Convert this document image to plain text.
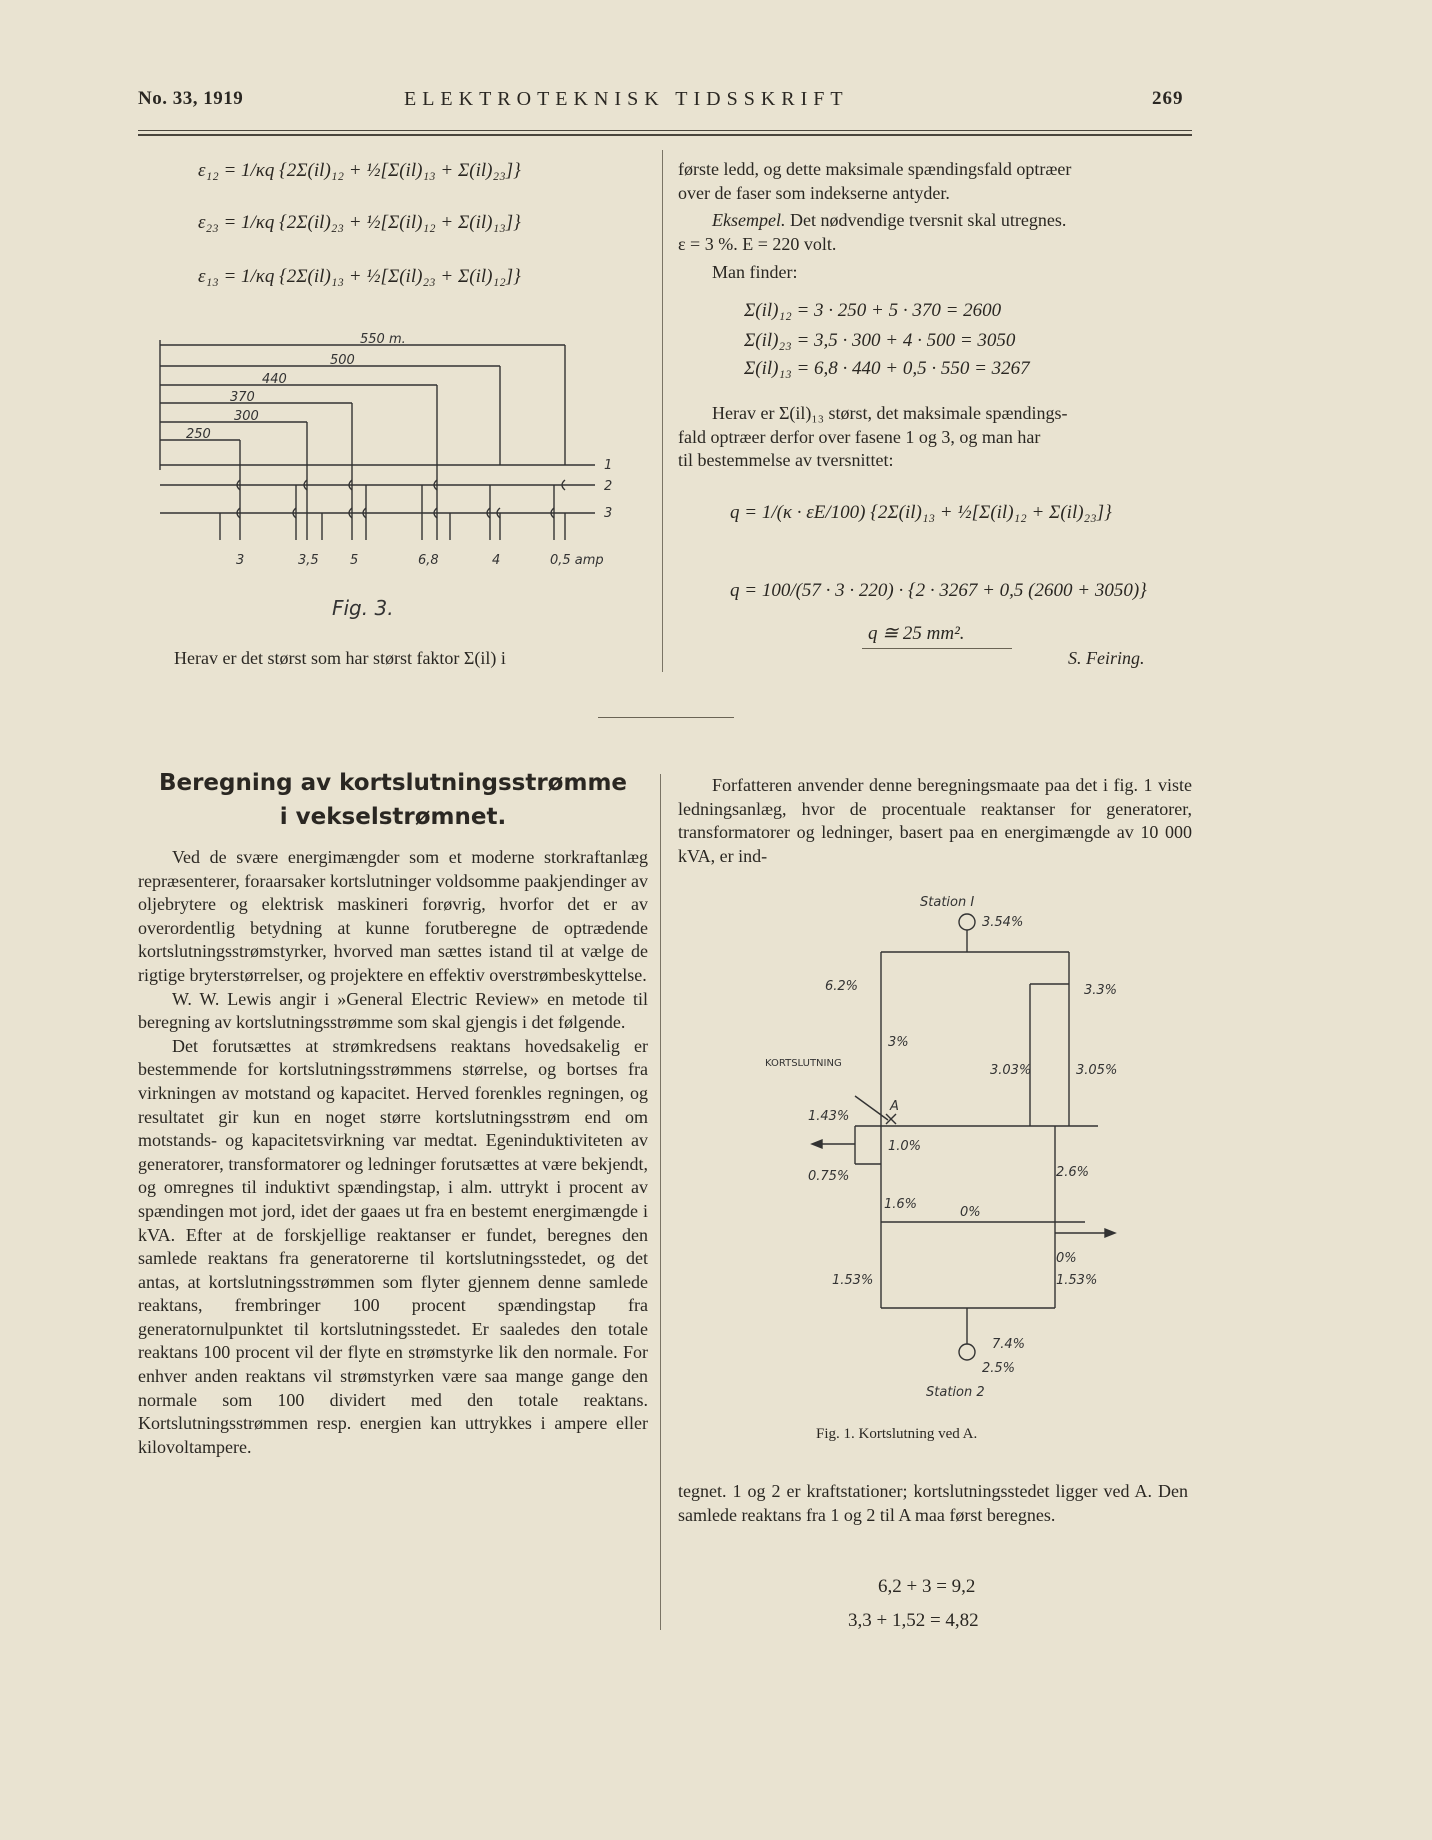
No. 33, 1919	ELEKTROTEKNISK TIDSSKRIFT	269
ε₁₂ = 1/κq {2Σ(il)₁₂ + ½[Σ(il)₁₃ + Σ(il)₂₃]}
ε₂₃ = 1/κq {2Σ(il)₂₃ + ½[Σ(il)₁₂ + Σ(il)₁₃]}
ε₁₃ = 1/κq {2Σ(il)₁₃ + ½[Σ(il)₂₃ + Σ(il)₁₂]}
550 m.
500
440
370
300
250
1
2
3
3	3,5 5	6,8	4	0,5 amp
Fig. 3.
Herav er det størst som har størst faktor Σ(il) i

første ledd, og dette maksimale spændingsfald optræer

over de faser som indekserne antyder.

Eksempel. Det nødvendige tversnit skal utregnes.
ε = 3 %. E = 220 volt.
Man finder:
Σ(il)₁₂ = 3 · 250 + 5 · 370 = 2600
Σ(il)₂₃ = 3,5 · 300 + 4 · 500 = 3050
Σ(il)₁₃ = 6,8 · 440 + 0,5 · 550 = 3267

Herav er Σ(il)₁₃ størst, det maksimale spændings-

fald optræer derfor over fasene 1 og 3, og man har

til bestemmelse av tversnittet:

q = 1/(κ · εE/100) {2Σ(il)₁₃ + ½[Σ(il)₁₂ + Σ(il)₂₃]}
q = 100/(57 · 3 · 220) · {2 · 3267 + 0,5 (2600 + 3050)}
q ≅ 25 mm².
S. Feiring.
Beregning av kortslutningsstrømme
i vekselstrømnet.

Ved de svære energimængder som et moderne storkraftanlæg repræsenterer, foraarsaker kortslutninger voldsomme paakjendinger av oljebrytere og elektrisk maskineri forøvrig, hvorfor det er av overordentlig betydning at kunne forutberegne de optrædende kortslutningsstrømstyrker, hvorved man sættes istand til at vælge de rigtige bryterstørrelser, og projektere en effektiv overstrømbeskyttelse.

W. W. Lewis angir i »General Electric Review» en metode til beregning av kortslutningsstrømme som skal gjengis i det følgende.

Det forutsættes at strømkredsens reaktans hovedsakelig er bestemmende for kortslutningsstrømmens størrelse, og bortses fra virkningen av motstand og kapacitet. Herved forenkles regningen, og resultatet gir kun en noget større kortslutningsstrøm end om motstands- og kapacitetsvirkning var medtat. Egeninduktiviteten av generatorer, transformatorer og ledninger forutsættes at være bekjendt, og omregnes til induktivt spændingstap, i alm. uttrykt i procent av spændingen mot jord, idet der gaaes ut fra en bestemt energimængde i kVA. Efter at de forskjellige reaktanser er fundet, beregnes den samlede reaktans fra generatorerne til kortslutningsstedet, og det antas, at kortslutningsstrømmen som flyter gjennem denne samlede reaktans, frembringer 100 procent spændingstap fra generatornulpunktet til kortslutningsstedet. Er saaledes den totale reaktans 100 procent vil der flyte en strømstyrke lik den normale. For enhver anden reaktans vil strømstyrken være saa mange gange den normale som 100 dividert med den totale reaktans. Kortslutningsstrømmen resp. energien kan uttrykkes i ampere eller kilovoltampere.

Forfatteren anvender denne beregningsmaate paa det i fig. 1 viste ledningsanlæg, hvor de procentuale reaktanser for generatorer, transformatorer og ledninger, basert paa en energimængde av 10 000 kVA, er ind-

Station I
3.54%
6.2%	3.3%
3%
KORTSLUTNING
A
3.03%	3.05%
1.43%
1.0%
0.75%	2.6%
1.6%
0%
0%
1.53%	1.53%
7.4%
2.5%
Station 2
Fig. 1. Kortslutning ved A.

tegnet. 1 og 2 er kraftstationer; kortslutningsstedet ligger ved A. Den samlede reaktans fra 1 og 2 til A maa først beregnes.

6,2 + 3 = 9,2
3,3 + 1,52 = 4,82
